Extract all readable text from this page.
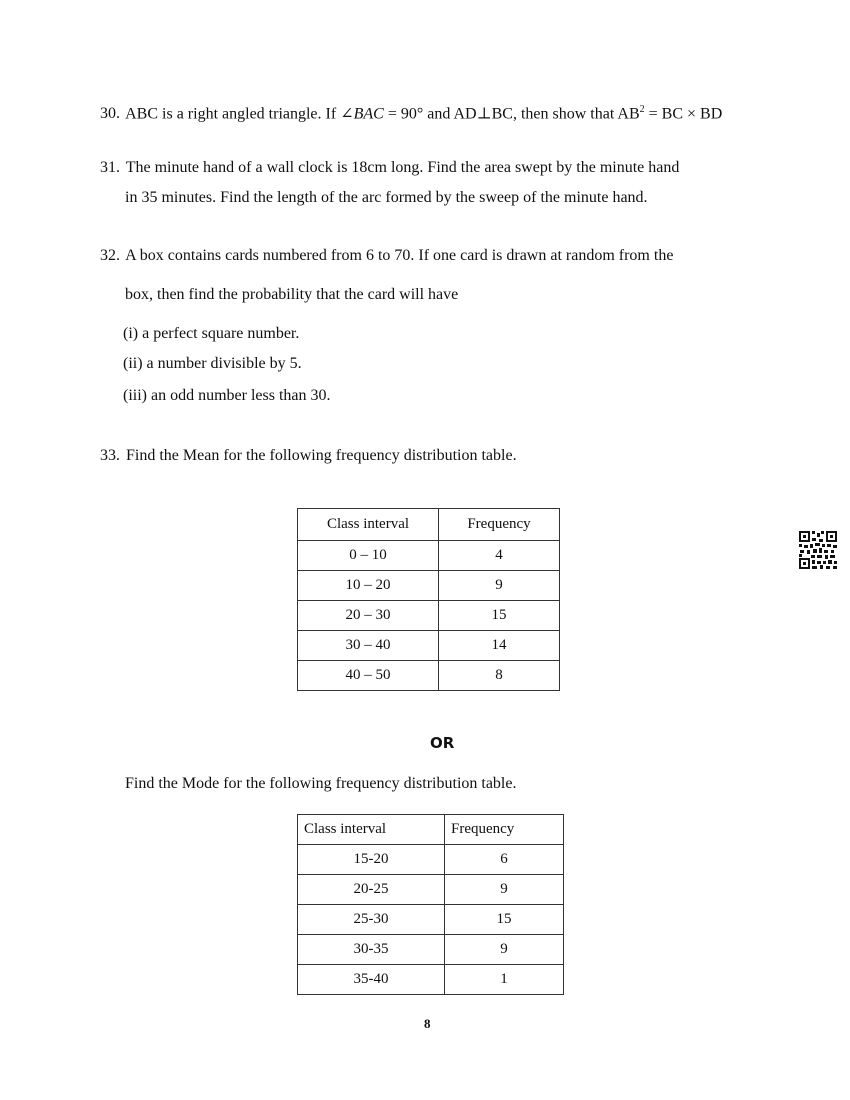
30. ABC is a right angled triangle. If ∠BAC = 90° and AD⊥BC, then show that $AB^2$ = BC × BD
31. The minute hand of a wall clock is 18cm long. Find the area swept by the minute hand
in 35 minutes. Find the length of the arc formed by the sweep of the minute hand.
32. A box contains cards numbered from 6 to 70. If one card is drawn at random from the
box, then find the probability that the card will have
(i) a perfect square number.
(ii) a number divisible by 5.
(iii) an odd number less than 30.
33. Find the Mean for the following frequency distribution table.
Class interval	Frequency
0 – 10	4
10 – 20	9
20 – 30	15
30 – 40	14
40 – 50	8
OR
Find the Mode for the following frequency distribution table.
Class interval	Frequency
15-20	6
20-25	9
25-30	15
30-35	9
35-40	1
8
